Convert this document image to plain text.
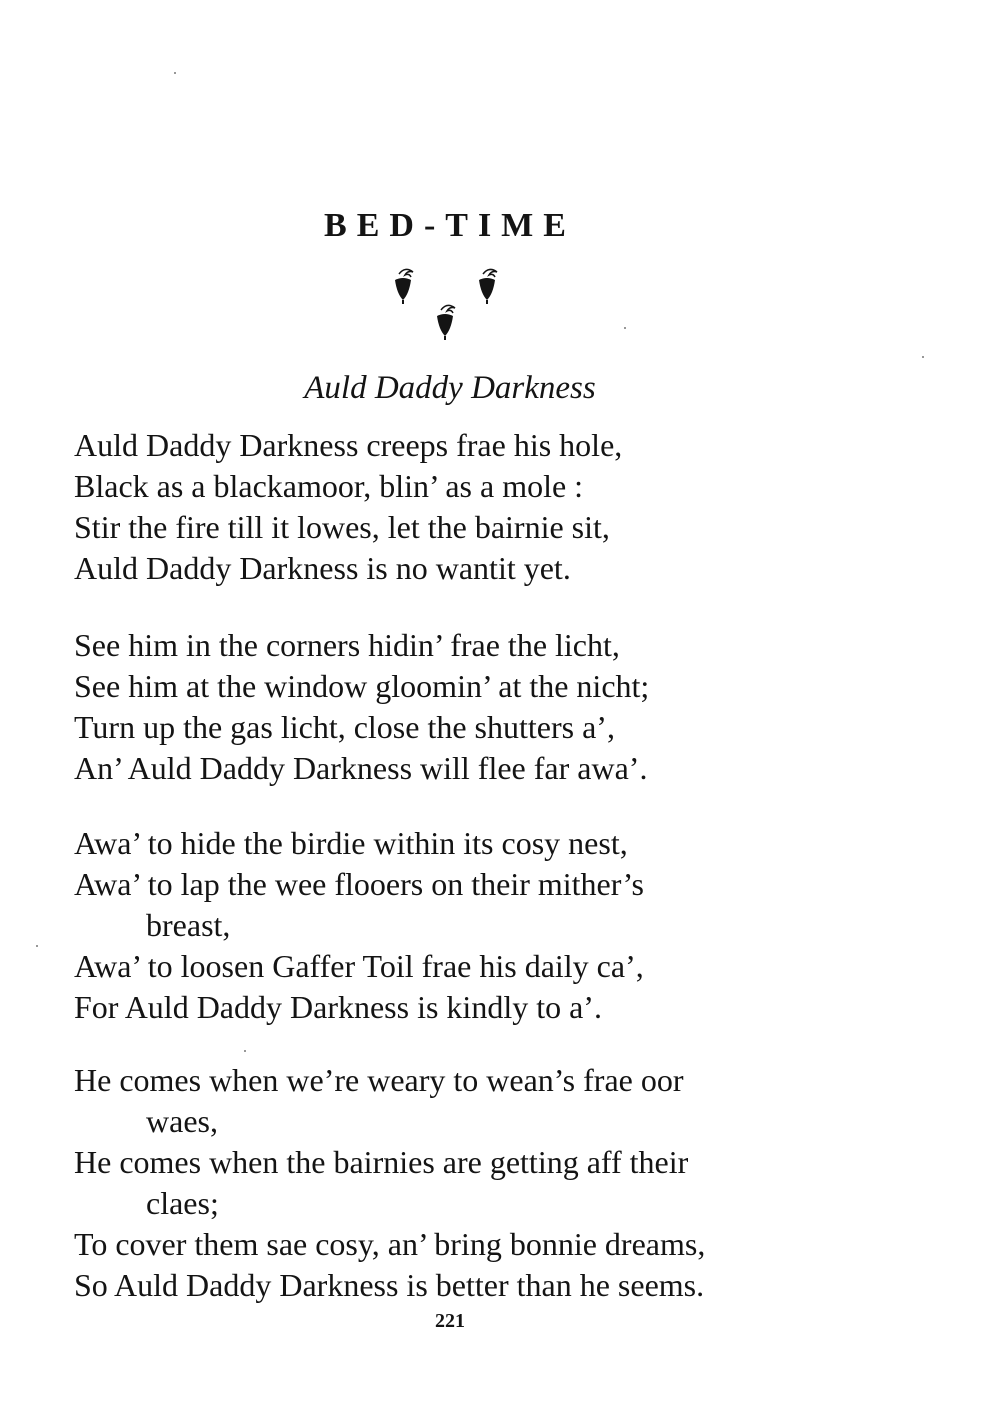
BED-TIME
Auld Daddy Darkness
Auld Daddy Darkness creeps frae his hole,
Black as a blackamoor, blin’ as a mole :
Stir the fire till it lowes, let the bairnie sit,
Auld Daddy Darkness is no wantit yet.
See him in the corners hidin’ frae the licht,
See him at the window gloomin’ at the nicht;
Turn up the gas licht, close the shutters a’,
An’ Auld Daddy Darkness will flee far awa’.
Awa’ to hide the birdie within its cosy nest,
Awa’ to lap the wee flooers on their mither’s
breast,
Awa’ to loosen Gaffer Toil frae his daily ca’,
For Auld Daddy Darkness is kindly to a’.
He comes when we’re weary to wean’s frae oor
waes,
He comes when the bairnies are getting aff their
claes;
To cover them sae cosy, an’ bring bonnie dreams,
So Auld Daddy Darkness is better than he seems.
221
